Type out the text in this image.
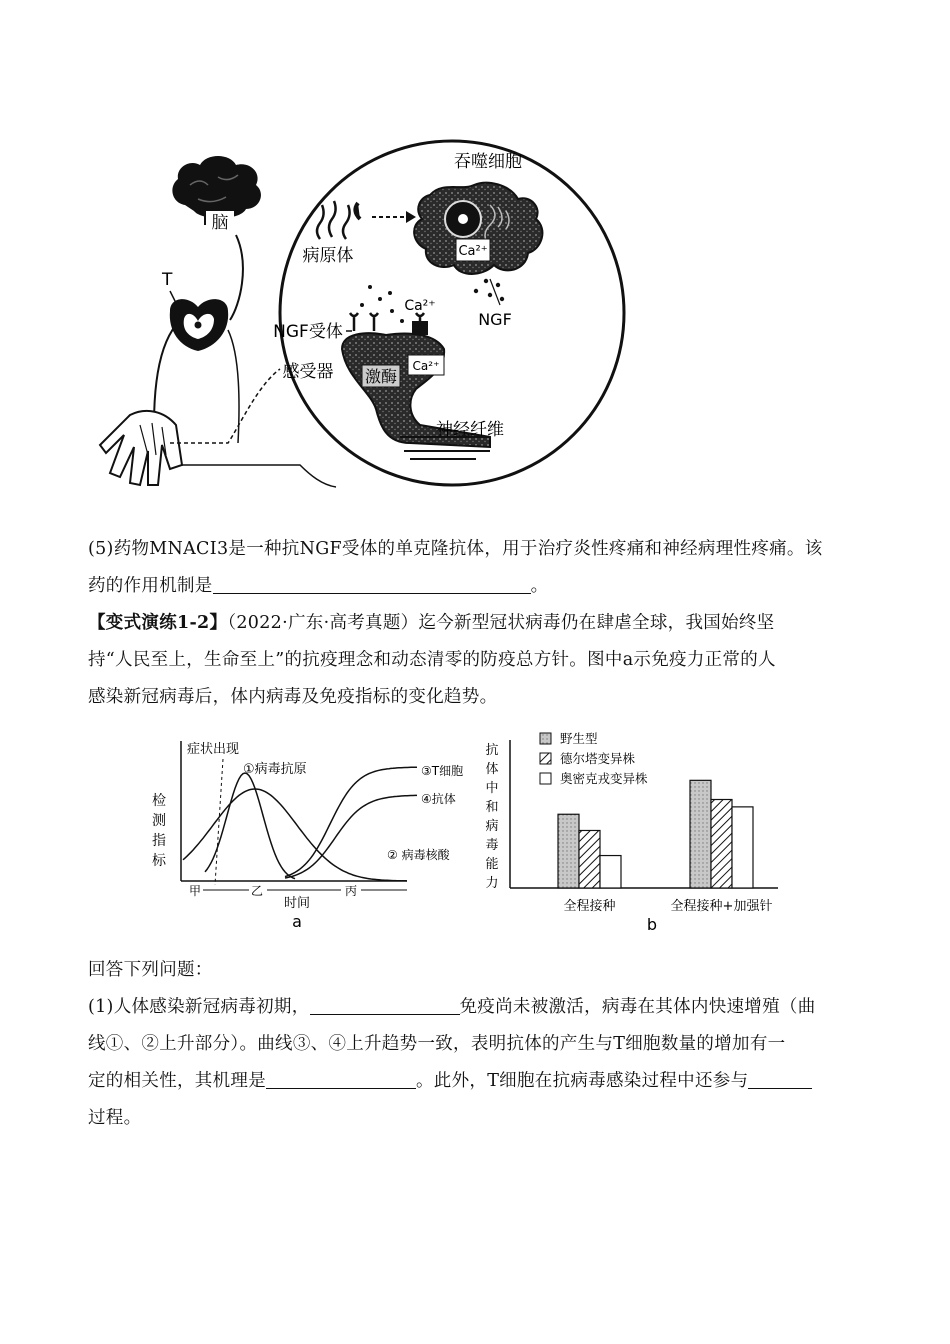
脑
T
吞噬细胞
Ca²⁺
病原体
NGF
Ca²⁺
NGF受体
感受器 激酶
Ca²⁺
神经纤维
(5)药物MNACI3是一种抗NGF受体的单克隆抗体，用于治疗炎性疼痛和神经病理性疼痛。该
药的作用机制是	。
【变式演练1-2】（2022·广东·高考真题）迄今新型冠状病毒仍在肆虐全球，我国始终坚
持“人民至上，生命至上”的抗疫理念和动态清零的防疫总方针。图中a示免疫力正常的人
感染新冠病毒后，体内病毒及免疫指标的变化趋势。
检
测
指
标
症状出现
①病毒抗原	③T细胞
④抗体
② 病毒核酸
甲	乙	丙
时间
a
抗
体
中
和
病
毒
能
力
野生型
德尔塔变异株
奥密克戎变异株
全程接种	全程接种+加强针
b
回答下列问题：
(1)人体感染新冠病毒初期，	免疫尚未被激活，病毒在其体内快速增殖（曲
线①、②上升部分）。曲线③、④上升趋势一致，表明抗体的产生与T细胞数量的增加有一
定的相关性，其机理是	。此外，T细胞在抗病毒感染过程中还参与
过程。
